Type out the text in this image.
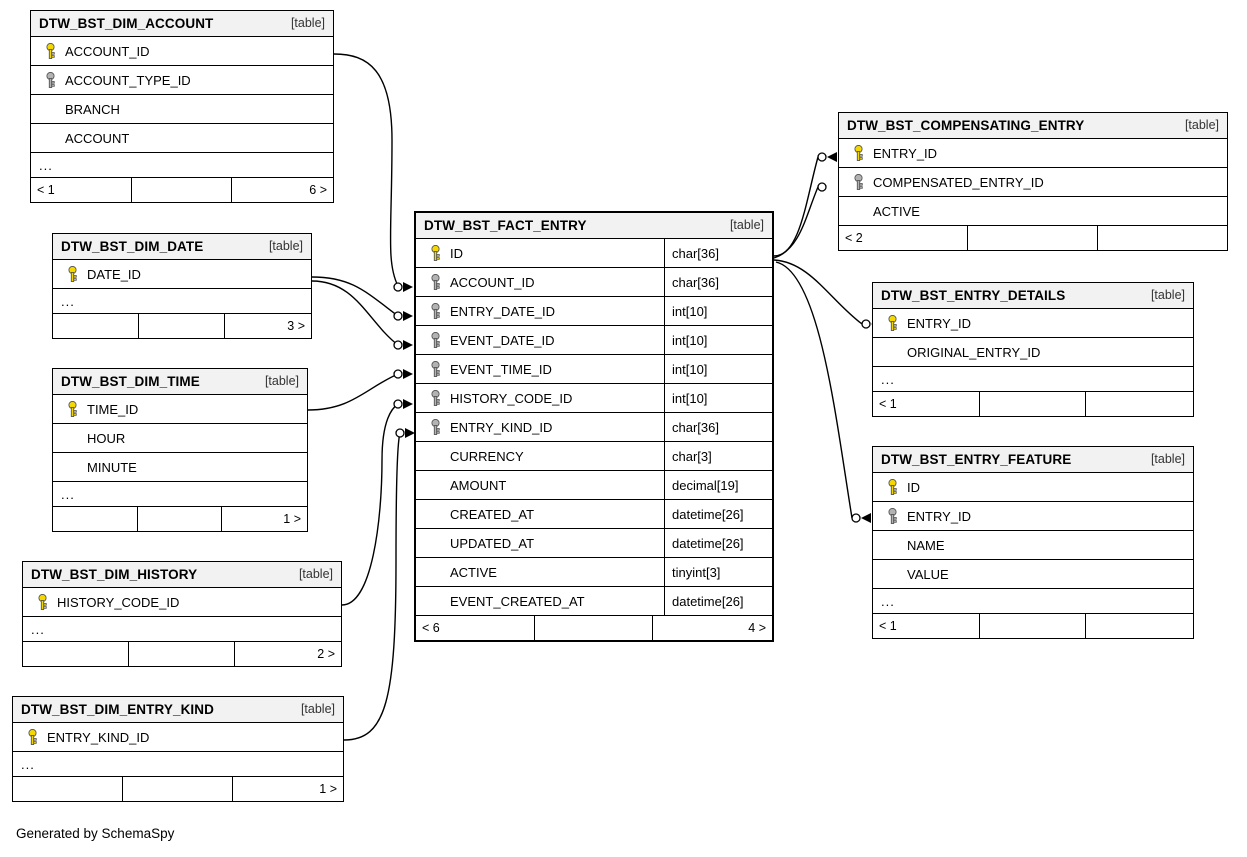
DTW_BST_DIM_ACCOUNT	[table]
ACCOUNT_ID
ACCOUNT_TYPE_ID
BRANCH
ACCOUNT
...
< 1	6 >
DTW_BST_DIM_DATE	[table]
DATE_ID
...
3 >
DTW_BST_DIM_TIME	[table]
TIME_ID
HOUR
MINUTE
...
1 >
DTW_BST_DIM_HISTORY	[table]
HISTORY_CODE_ID
...
2 >
DTW_BST_DIM_ENTRY_KIND	[table]
ENTRY_KIND_ID
...
1 >
DTW_BST_FACT_ENTRY	[table]
ID	char[36]
ACCOUNT_ID	char[36]
ENTRY_DATE_ID	int[10]
EVENT_DATE_ID	int[10]
EVENT_TIME_ID	int[10]
HISTORY_CODE_ID	int[10]
ENTRY_KIND_ID	char[36]
CURRENCY	char[3]
AMOUNT	decimal[19]
CREATED_AT	datetime[26]
UPDATED_AT	datetime[26]
ACTIVE	tinyint[3]
EVENT_CREATED_AT	datetime[26]
< 6	4 >
DTW_BST_COMPENSATING_ENTRY	[table]
ENTRY_ID
COMPENSATED_ENTRY_ID
ACTIVE
< 2
DTW_BST_ENTRY_DETAILS	[table]
ENTRY_ID
ORIGINAL_ENTRY_ID
...
< 1
DTW_BST_ENTRY_FEATURE	[table]
ID
ENTRY_ID
NAME
VALUE
...
< 1
Generated by SchemaSpy
